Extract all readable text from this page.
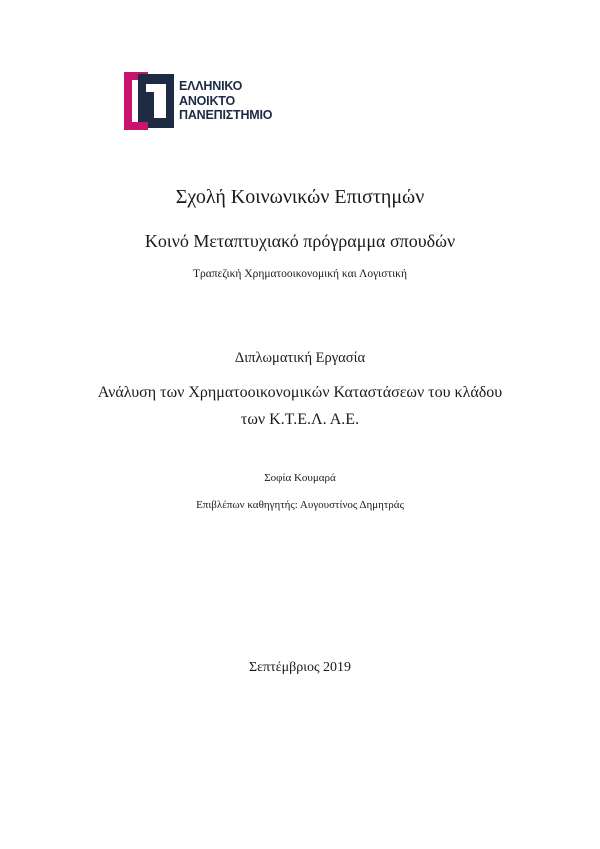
ΕΛΛΗΝΙΚΟ
ΑΝΟΙΚΤΟ
ΠΑΝΕΠΙΣΤΗΜΙΟ
Σχολή Κοινωνικών Επιστημών
Κοινό Μεταπτυχιακό πρόγραμμα σπουδών
Τραπεζική Χρηματοοικονομική και Λογιστική
Διπλωματική Εργασία
Ανάλυση των Χρηματοοικονομικών Καταστάσεων του κλάδου
των Κ.Τ.Ε.Λ. Α.Ε.
Σοφία Κουμαρά
Επιβλέπων καθηγητής: Αυγουστίνος Δημητράς
Σεπτέμβριος 2019
